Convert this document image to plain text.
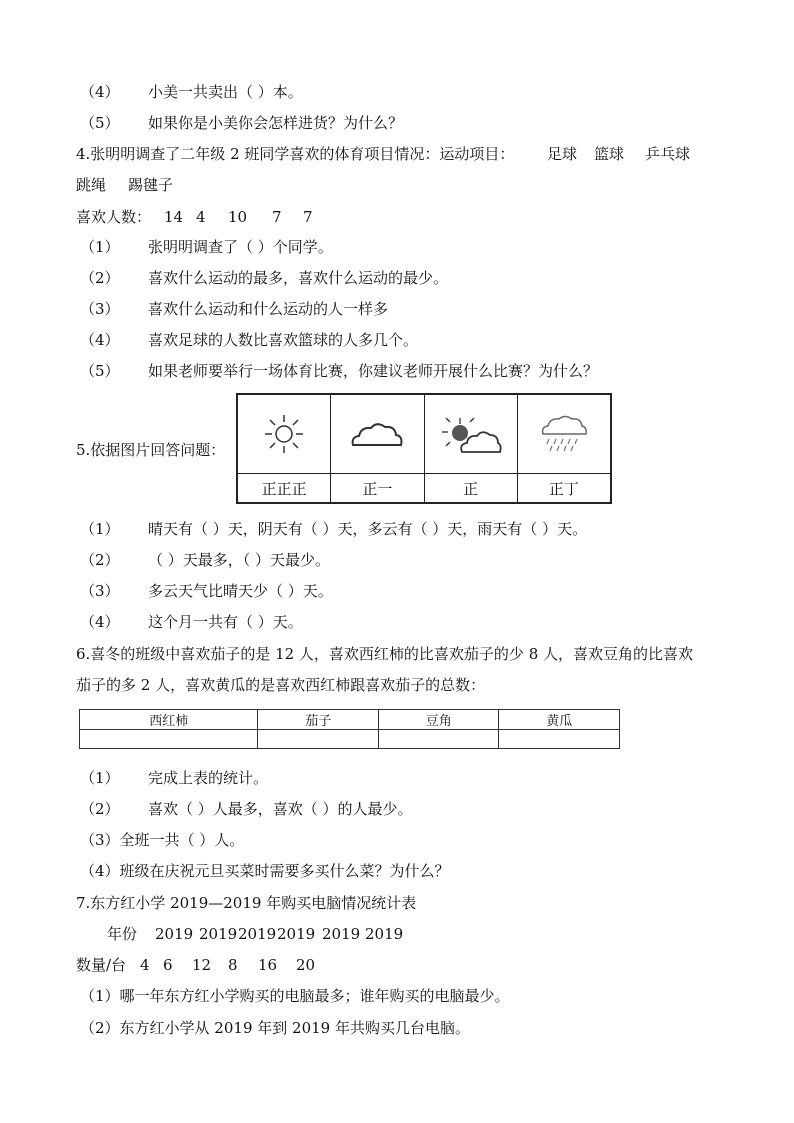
（4） 小美一共卖出（ ）本。
（5） 如果你是小美你会怎样进货？为什么？
4.张明明调查了二年级 2 班同学喜欢的体育项目情况：运动项目： 足球 篮球 乒乓球
跳绳 踢毽子
喜欢人数： 14 4 10 7 7
（1） 张明明调查了（ ）个同学。
（2） 喜欢什么运动的最多，喜欢什么运动的最少。
（3） 喜欢什么运动和什么运动的人一样多
（4） 喜欢足球的人数比喜欢篮球的人多几个。
（5） 如果老师要举行一场体育比赛，你建议老师开展什么比赛？为什么？
5.依据图片回答问题：
正正正	正一	正	正丁
（1） 晴天有（ ）天，阴天有（ ）天，多云有（ ）天，雨天有（ ）天。
（2） （ ）天最多，（ ）天最少。
（3） 多云天气比晴天少（ ）天。
（4） 这个月一共有（ ）天。
6.喜冬的班级中喜欢茄子的是 12 人，喜欢西红柿的比喜欢茄子的少 8 人，喜欢豆角的比喜欢
茄子的多 2 人，喜欢黄瓜的是喜欢西红柿跟喜欢茄子的总数：
西红柿	茄子	豆角	黄瓜

（1） 完成上表的统计。
（2） 喜欢（ ）人最多，喜欢（ ）的人最少。
（3）全班一共（ ）人。
（4）班级在庆祝元旦买菜时需要多买什么菜？为什么？
7.东方红小学 2019—2019 年购买电脑情况统计表
年份 2019 2019 2019 2019 2019 2019
数量/台 4 6 12 8 16 20
（1）哪一年东方红小学购买的电脑最多；谁年购买的电脑最少。
（2）东方红小学从 2019 年到 2019 年共购买几台电脑。
